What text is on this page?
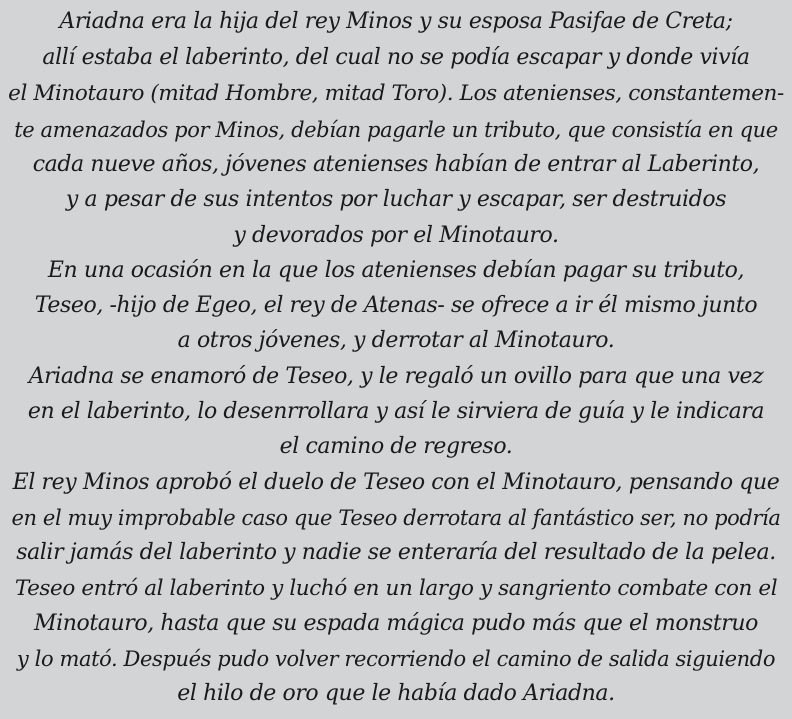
Ariadna era la hija del rey Minos y su esposa Pasifae de Creta;
allí estaba el laberinto, del cual no se podía escapar y donde vivía
el Minotauro (mitad Hombre, mitad Toro). Los atenienses, constantemen-
te amenazados por Minos, debían pagarle un tributo, que consistía en que
cada nueve años, jóvenes atenienses habían de entrar al Laberinto,
y a pesar de sus intentos por luchar y escapar, ser destruidos
y devorados por el Minotauro.
En una ocasión en la que los atenienses debían pagar su tributo,
Teseo, -hijo de Egeo, el rey de Atenas- se ofrece a ir él mismo junto
a otros jóvenes, y derrotar al Minotauro.
Ariadna se enamoró de Teseo, y le regaló un ovillo para que una vez
en el laberinto, lo desenrrollara y así le sirviera de guía y le indicara
el camino de regreso.
El rey Minos aprobó el duelo de Teseo con el Minotauro, pensando que
en el muy improbable caso que Teseo derrotara al fantástico ser, no podría
salir jamás del laberinto y nadie se enteraría del resultado de la pelea.
Teseo entró al laberinto y luchó en un largo y sangriento combate con el
Minotauro, hasta que su espada mágica pudo más que el monstruo
y lo mató. Después pudo volver recorriendo el camino de salida siguiendo
el hilo de oro que le había dado Ariadna.
